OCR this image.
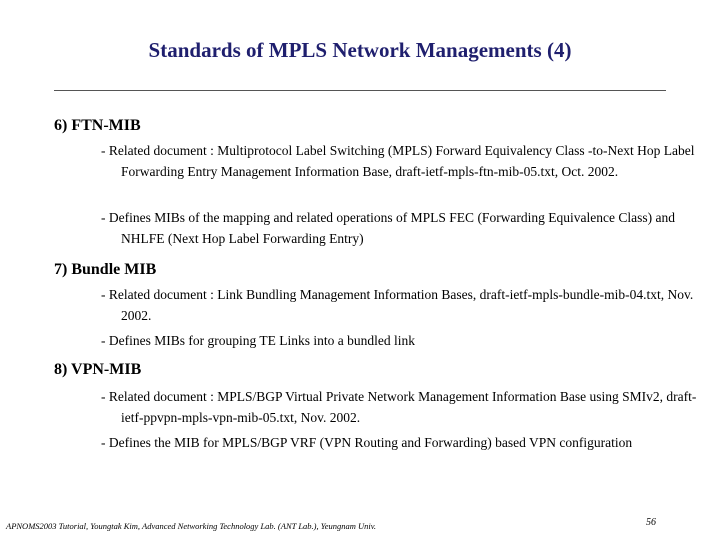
Standards of MPLS Network Managements (4)
6) FTN-MIB
- Related document : Multiprotocol Label Switching (MPLS) Forward Equivalency Class -to-Next Hop Label Forwarding Entry Management Information Base, draft-ietf-mpls-ftn-mib-05.txt, Oct. 2002.
- Defines MIBs of the mapping and related operations of MPLS FEC (Forwarding Equivalence Class) and NHLFE (Next Hop Label Forwarding Entry)
7) Bundle MIB
- Related document : Link Bundling Management Information Bases, draft-ietf-mpls-bundle-mib-04.txt, Nov. 2002.
- Defines MIBs for grouping TE Links into a bundled link
8) VPN-MIB
- Related document : MPLS/BGP Virtual Private Network Management Information Base using SMIv2, draft-ietf-ppvpn-mpls-vpn-mib-05.txt, Nov. 2002.
- Defines the MIB for MPLS/BGP VRF (VPN Routing and Forwarding) based VPN configuration
APNOMS2003 Tutorial, Youngtak Kim, Advanced Networking Technology Lab. (ANT Lab.), Yeungnam Univ.	56
